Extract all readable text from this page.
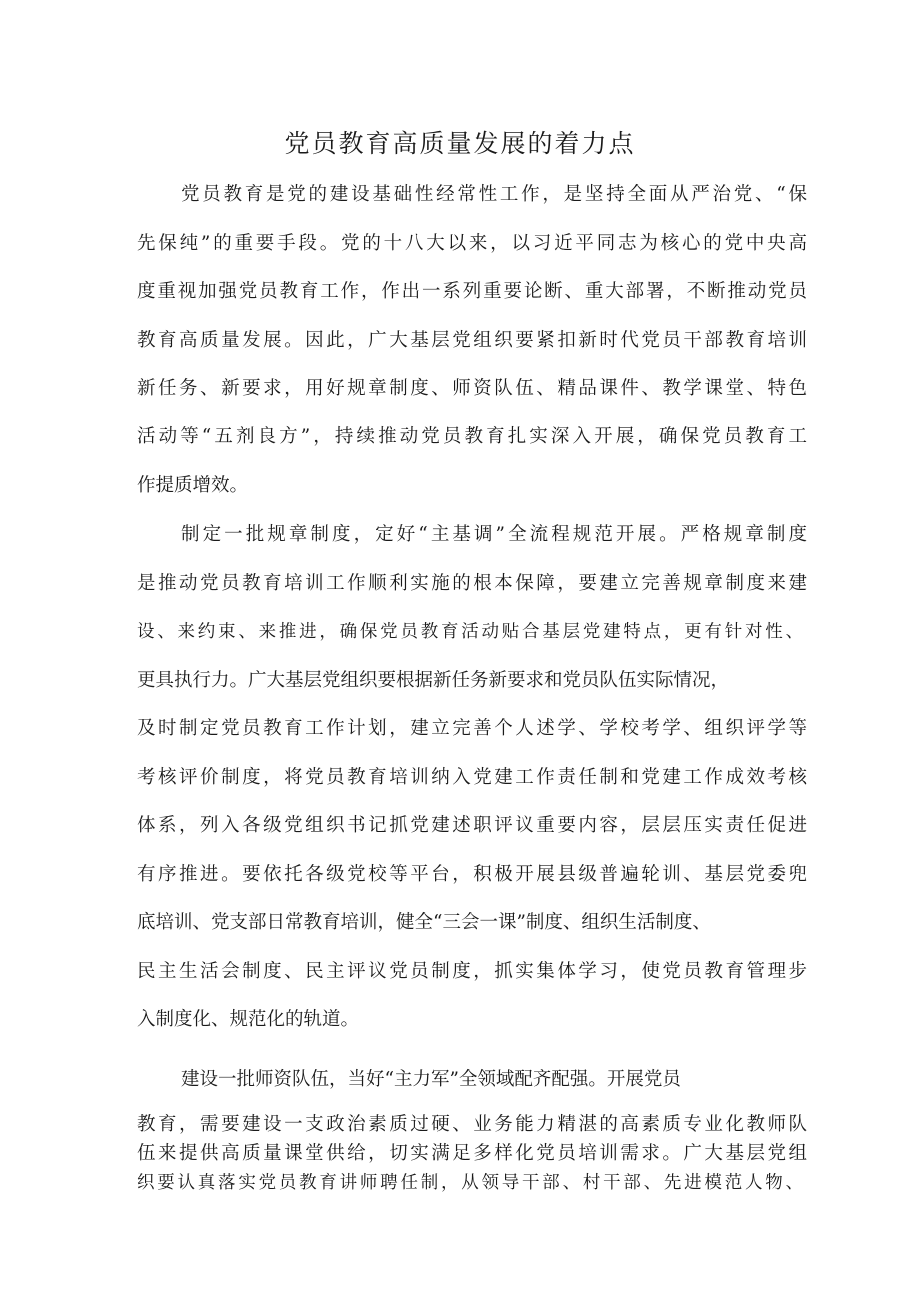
党员教育高质量发展的着力点
党员教育是党的建设基础性经常性工作，是坚持全面从严治党、“保
先保纯”的重要手段。党的十八大以来，以习近平同志为核心的党中央高
度重视加强党员教育工作，作出一系列重要论断、重大部署，不断推动党员
教育高质量发展。因此，广大基层党组织要紧扣新时代党员干部教育培训
新任务、新要求，用好规章制度、师资队伍、精品课件、教学课堂、特色
活动等“五剂良方”，持续推动党员教育扎实深入开展，确保党员教育工
作提质增效。
制定一批规章制度，定好“主基调”全流程规范开展。严格规章制度
是推动党员教育培训工作顺利实施的根本保障，要建立完善规章制度来建
设、来约束、来推进，确保党员教育活动贴合基层党建特点，更有针对性、
更具执行力。广大基层党组织要根据新任务新要求和党员队伍实际情况，
及时制定党员教育工作计划，建立完善个人述学、学校考学、组织评学等
考核评价制度，将党员教育培训纳入党建工作责任制和党建工作成效考核
体系，列入各级党组织书记抓党建述职评议重要内容，层层压实责任促进
有序推进。要依托各级党校等平台，积极开展县级普遍轮训、基层党委兜
底培训、党支部日常教育培训，健全“三会一课”制度、组织生活制度、
民主生活会制度、民主评议党员制度，抓实集体学习，使党员教育管理步
入制度化、规范化的轨道。
建设一批师资队伍，当好“主力军”全领域配齐配强。开展党员
教育，需要建设一支政治素质过硬、业务能力精湛的高素质专业化教师队
伍来提供高质量课堂供给，切实满足多样化党员培训需求。广大基层党组
织要认真落实党员教育讲师聘任制，从领导干部、村干部、先进模范人物、
